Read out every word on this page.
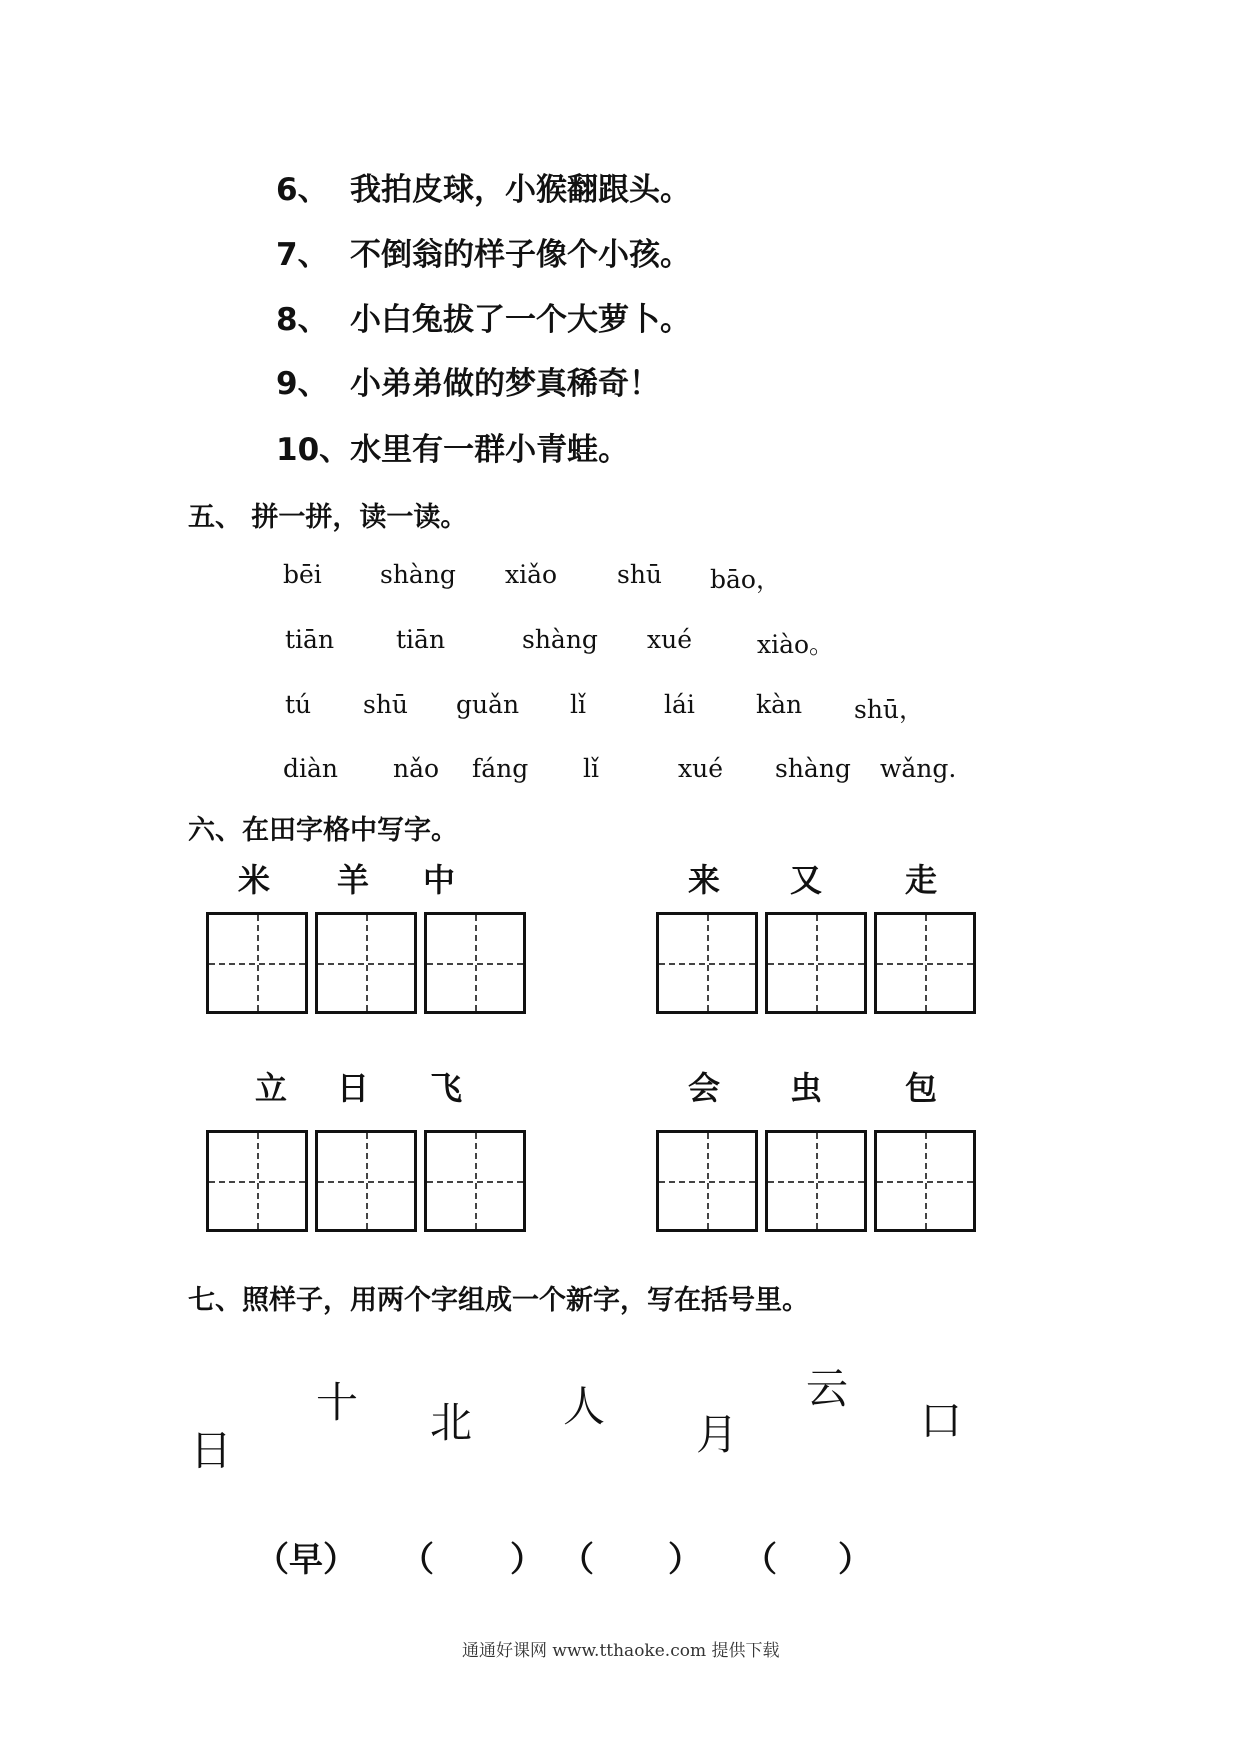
6、 我拍皮球，小猴翻跟头。
7、 不倒翁的样子像个小孩。
8、 小白兔拔了一个大萝卜。
9、 小弟弟做的梦真稀奇！
10、水里有一群小青蛙。
五、 拼一拼，读一读。
bēi shàng xiǎo shū bāo，
tiān tiān	shàng xué	xiào。
tú shū guǎn lǐ	lái kàn shū，
diàn nǎo fáng lǐ	xué shàng wǎng.
六、在田字格中写字。
米 羊 中	来 又	走
立 日 飞	会 虫	包
七、照样子，用两个字组成一个新字，写在括号里。
日
十 北 人
月
云
口
（早） （ ） （ ） （ ）
通通好课网 www.tthaoke.com 提供下载
